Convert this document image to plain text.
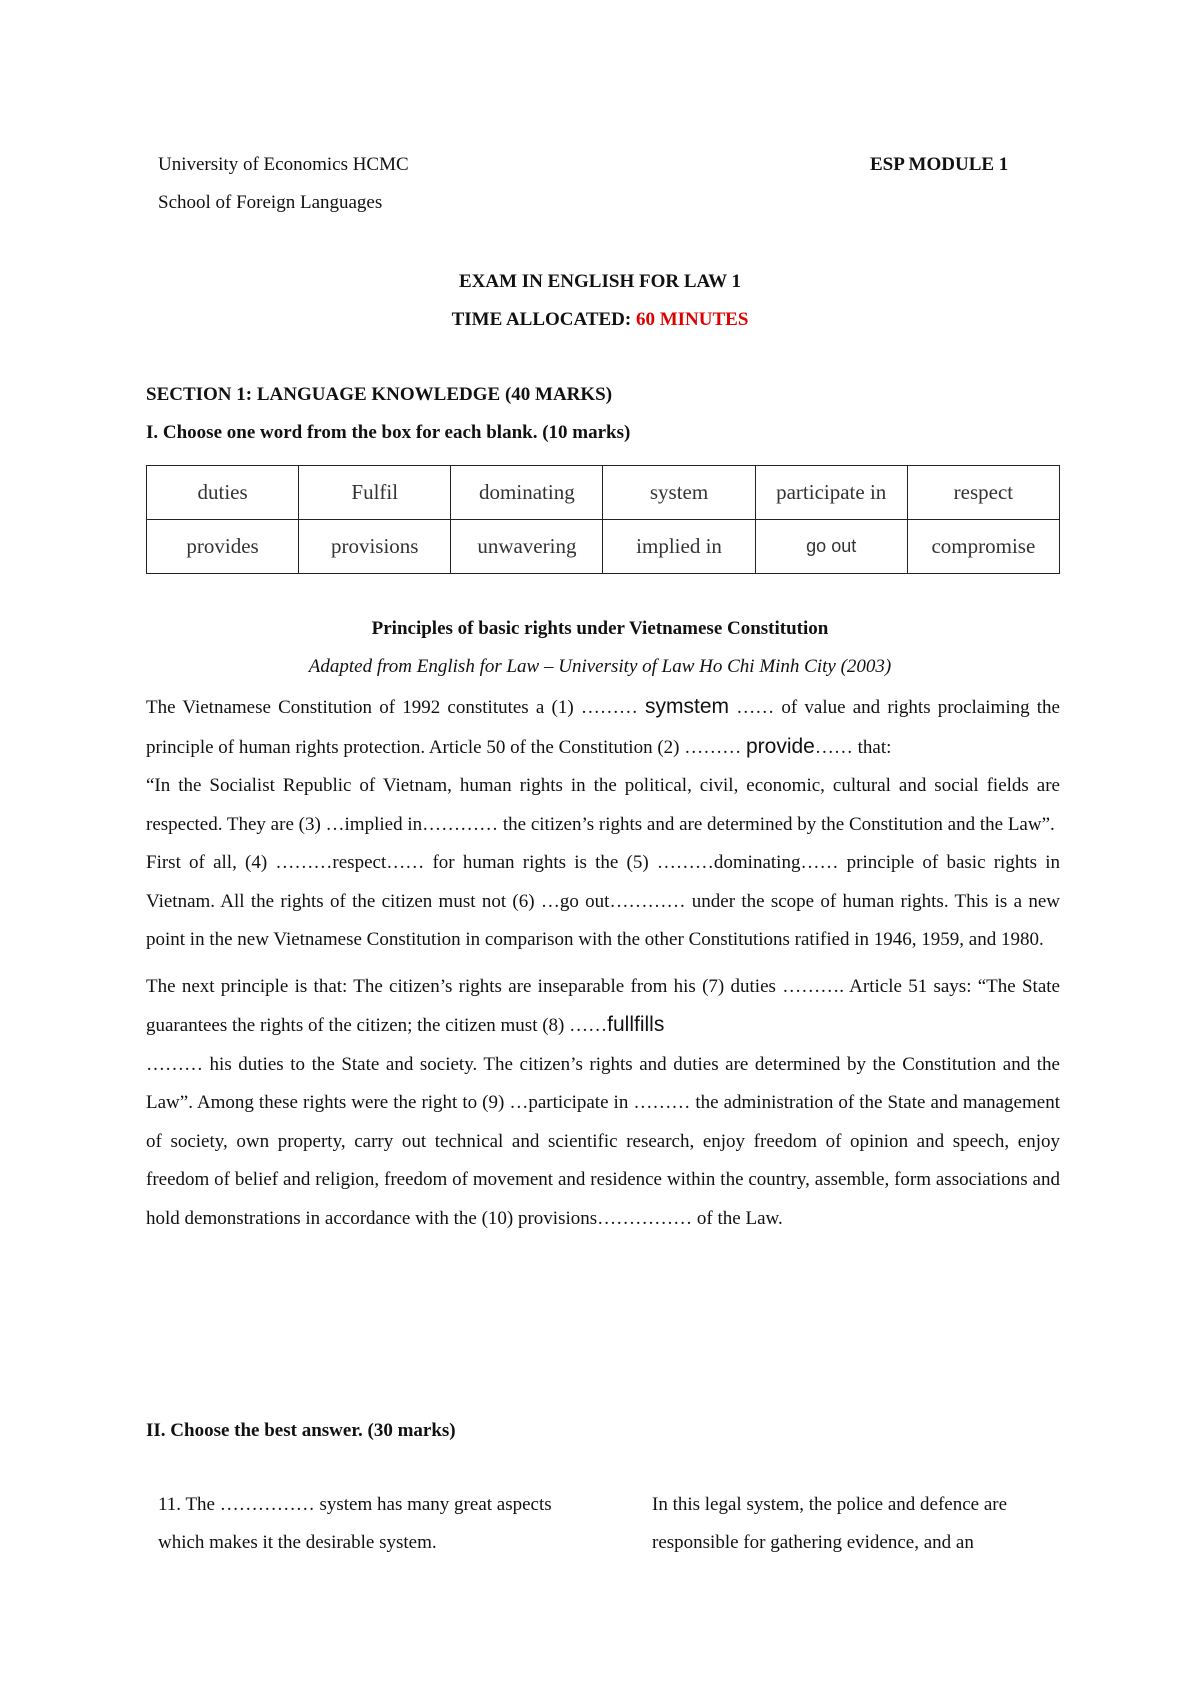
University of Economics HCMC
School of Foreign Languages
ESP MODULE 1
EXAM IN ENGLISH FOR LAW 1
TIME ALLOCATED: 60 MINUTES
SECTION 1: LANGUAGE KNOWLEDGE (40 MARKS)
I. Choose one word from the box for each blank. (10 marks)
duties	Fulfil	dominating	system	participate in	respect
provides	provisions	unwavering	implied in	go out	compromise
Principles of basic rights under Vietnamese Constitution
Adapted from English for Law – University of Law Ho Chi Minh City (2003)

The Vietnamese Constitution of 1992 constitutes a (1) ……… symstem …… of value and rights proclaiming the principle of human rights protection. Article 50 of the Constitution (2) ……… provide…… that:

“In the Socialist Republic of Vietnam, human rights in the political, civil, economic, cultural and social fields are respected. They are (3) …implied in………… the citizen’s rights and are determined by the Constitution and the Law”.

First of all, (4) ………respect…… for human rights is the (5) ………dominating…… principle of basic rights in Vietnam. All the rights of the citizen must not (6) …go out………… under the scope of human rights. This is a new point in the new Vietnamese Constitution in comparison with the other Constitutions ratified in 1946, 1959, and 1980.

The next principle is that: The citizen’s rights are inseparable from his (7) duties ………. Article 51 says: “The State guarantees the rights of the citizen; the citizen must (8) ……fullfills
……… his duties to the State and society. The citizen’s rights and duties are determined by the Constitution and the Law”. Among these rights were the right to (9) …participate in ……… the administration of the State and management of society, own property, carry out technical and scientific research, enjoy freedom of opinion and speech, enjoy freedom of belief and religion, freedom of movement and residence within the country, assemble, form associations and hold demonstrations in accordance with the (10) provisions…………… of the Law.

II. Choose the best answer. (30 marks)
11. The …………… system has many great aspects which makes it the desirable system.
In this legal system, the police and defence are responsible for gathering evidence, and an
